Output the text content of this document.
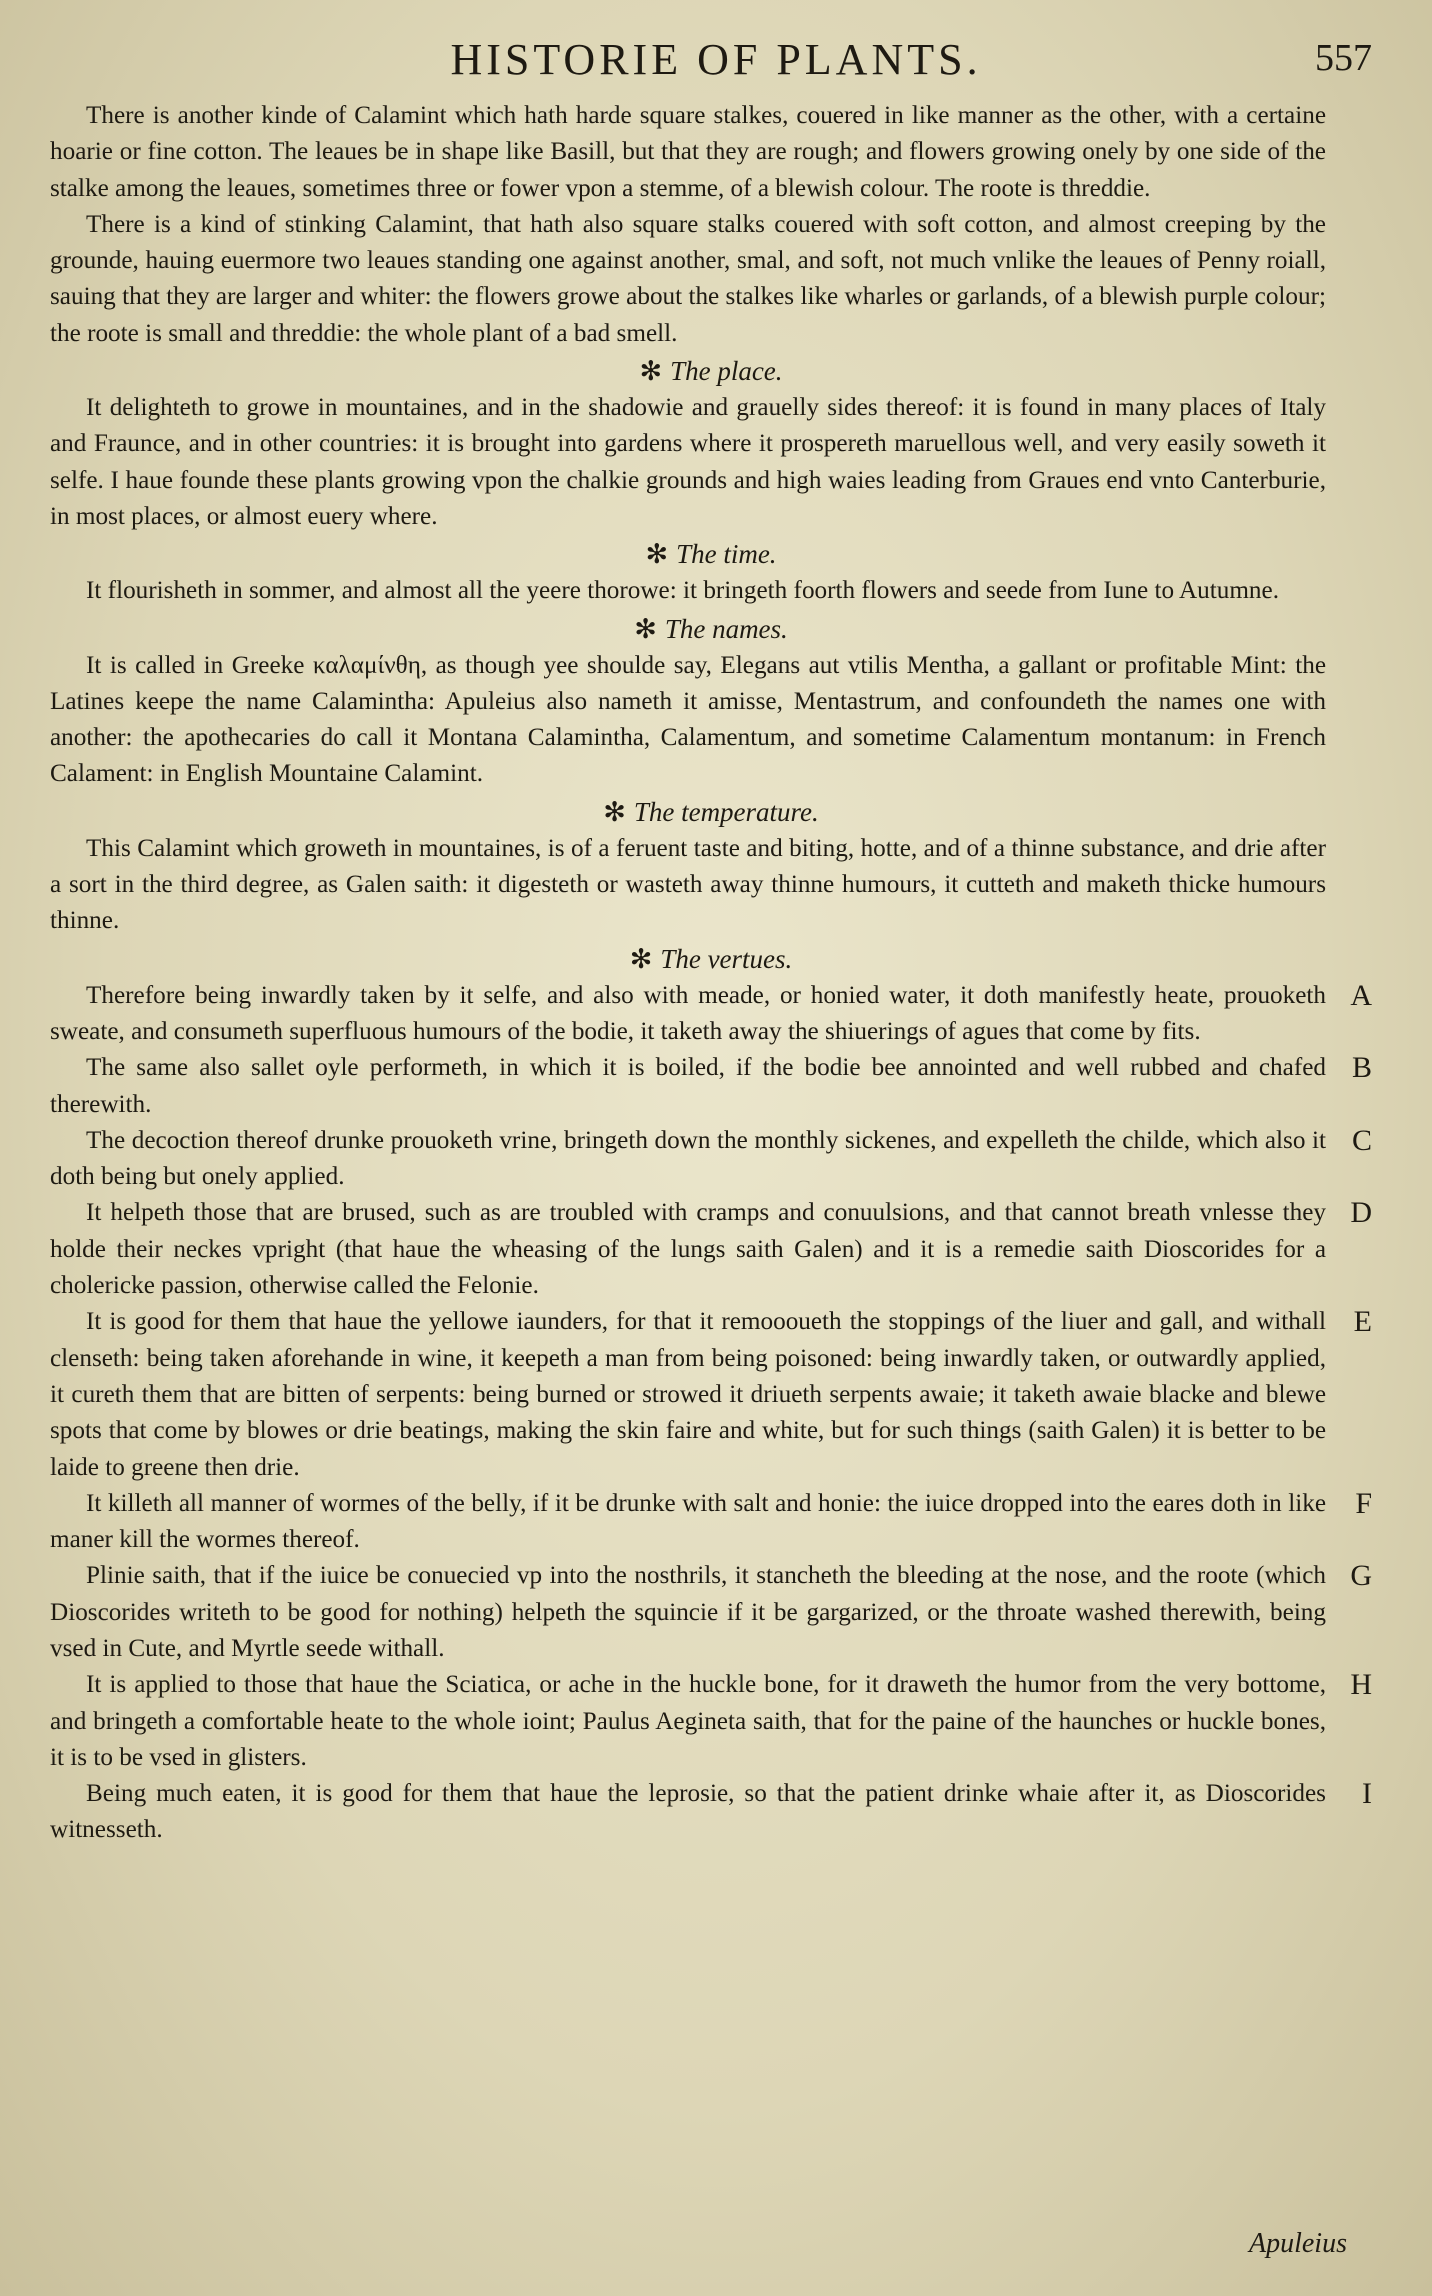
HISTORIE OF PLANTS.	557

There is another kinde of Calamint which hath harde square stalkes, couered in like manner as the other, with a certaine hoarie or fine cotton. The leaues be in shape like Basill, but that they are rough; and flowers growing onely by one side of the stalke among the leaues, sometimes three or fower vpon a stemme, of a blewish colour. The roote is threddie.

There is a kind of stinking Calamint, that hath also square stalks couered with soft cotton, and almost creeping by the grounde, hauing euermore two leaues standing one against another, smal, and soft, not much vnlike the leaues of Penny roiall, sauing that they are larger and whiter: the flowers growe about the stalkes like wharles or garlands, of a blewish purple colour; the roote is small and threddie: the whole plant of a bad smell.

✻ The place.

It delighteth to growe in mountaines, and in the shadowie and grauelly sides thereof: it is found in many places of Italy and Fraunce, and in other countries: it is brought into gardens where it prospereth maruellous well, and very easily soweth it selfe. I haue founde these plants growing vpon the chalkie grounds and high waies leading from Graues end vnto Canterburie, in most places, or almost euery where.

✻ The time.

It flourisheth in sommer, and almost all the yeere thorowe: it bringeth foorth flowers and seede from Iune to Autumne.

✻ The names.

It is called in Greeke καλαμίνθη, as though yee shoulde say, Elegans aut vtilis Mentha, a gallant or profitable Mint: the Latines keepe the name Calamintha: Apuleius also nameth it amisse, Mentastrum, and confoundeth the names one with another: the apothecaries do call it Montana Calamintha, Calamentum, and sometime Calamentum montanum: in French Calament: in English Mountaine Calamint.

✻ The temperature.

This Calamint which groweth in mountaines, is of a feruent taste and biting, hotte, and of a thinne substance, and drie after a sort in the third degree, as Galen saith: it digesteth or wasteth away thinne humours, it cutteth and maketh thicke humours thinne.

✻ The vertues.

Therefore being inwardly taken by it selfe, and also with meade, or honied water, it doth manifestly heate, prouoketh sweate, and consumeth superfluous humours of the bodie, it taketh away the shiuerings of agues that come by fits.
A

The same also sallet oyle performeth, in which it is boiled, if the bodie bee annointed and well rubbed and chafed therewith.
B

The decoction thereof drunke prouoketh vrine, bringeth down the monthly sickenes, and expelleth the childe, which also it doth being but onely applied.
C

It helpeth those that are brused, such as are troubled with cramps and conuulsions, and that cannot breath vnlesse they holde their neckes vpright (that haue the wheasing of the lungs saith Galen) and it is a remedie saith Dioscorides for a cholericke passion, otherwise called the Felonie.
D

It is good for them that haue the yellowe iaunders, for that it remoooueth the stoppings of the liuer and gall, and withall clenseth: being taken aforehande in wine, it keepeth a man from being poisoned: being inwardly taken, or outwardly applied, it cureth them that are bitten of serpents: being burned or strowed it driueth serpents awaie; it taketh awaie blacke and blewe spots that come by blowes or drie beatings, making the skin faire and white, but for such things (saith Galen) it is better to be laide to greene then drie.
E

It killeth all manner of wormes of the belly, if it be drunke with salt and honie: the iuice dropped into the eares doth in like maner kill the wormes thereof.
F

Plinie saith, that if the iuice be conuecied vp into the nosthrils, it stancheth the bleeding at the nose, and the roote (which Dioscorides writeth to be good for nothing) helpeth the squincie if it be gargarized, or the throate washed therewith, being vsed in Cute, and Myrtle seede withall.
G

It is applied to those that haue the Sciatica, or ache in the huckle bone, for it draweth the humor from the very bottome, and bringeth a comfortable heate to the whole ioint; Paulus Aegineta saith, that for the paine of the haunches or huckle bones, it is to be vsed in glisters.
H

Being much eaten, it is good for them that haue the leprosie, so that the patient drinke whaie after it, as Dioscorides witnesseth.
I

Apuleius
